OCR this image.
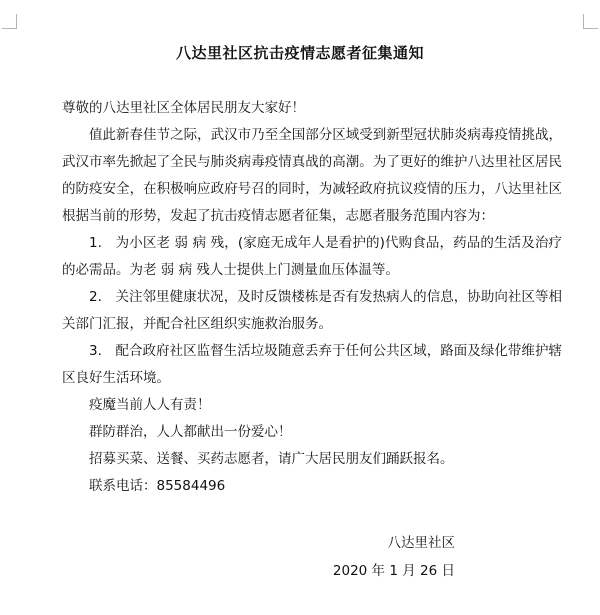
八达里社区抗击疫情志愿者征集通知

尊敬的八达里社区全体居民朋友大家好！

值此新春佳节之际，武汉市乃至全国部分区域受到新型冠状肺炎病毒疫情挑战，武汉市率先掀起了全民与肺炎病毒疫情真战的高潮。为了更好的维护八达里社区居民的防疫安全，在积极响应政府号召的同时，为减轻政府抗议疫情的压力，八达里社区根据当前的形势，发起了抗击疫情志愿者征集，志愿者服务范围内容为：

1.　为小区老 弱 病 残，(家庭无成年人是看护的)代购食品，药品的生活及治疗的必需品。为老 弱 病 残人士提供上门测量血压体温等。

2.　关注邻里健康状况，及时反馈楼栋是否有发热病人的信息，协助向社区等相关部门汇报，并配合社区组织实施救治服务。

3.　配合政府社区监督生活垃圾随意丢弃于任何公共区域，路面及绿化带维护辖区良好生活环境。

疫魔当前人人有责！

群防群治，人人都献出一份爱心！

招募买菜、送餐、买药志愿者，请广大居民朋友们踊跃报名。

联系电话：85584496

八达里社区

2020 年 1 月 26 日
